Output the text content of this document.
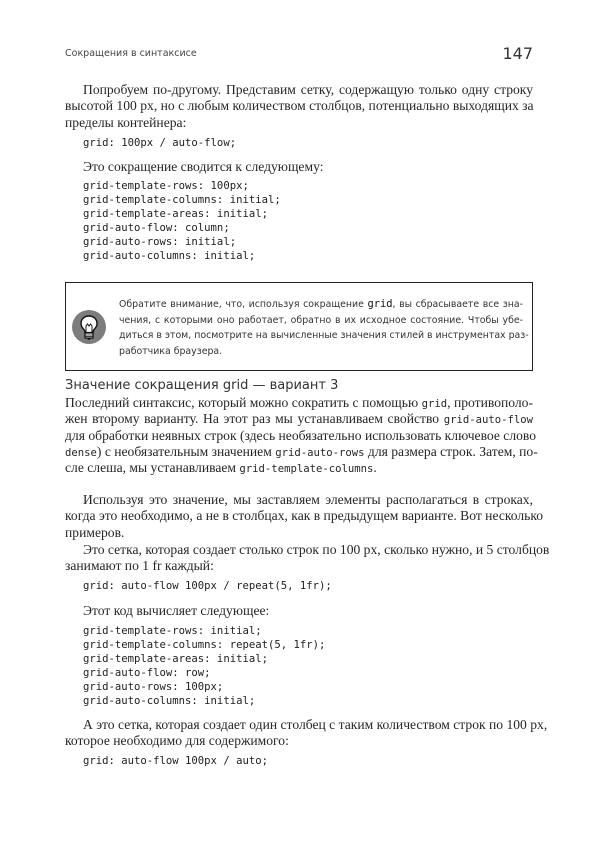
Сокращения в синтаксисе	147
Попробуем по-другому. Представим сетку, содержащую только одну строку
высотой 100 px, но с любым количеством столбцов, потенциально выходящих за
пределы контейнера:
grid: 100px / auto-flow;
Это сокращение сводится к следующему:
grid-template-rows: 100px;
grid-template-columns: initial;
grid-template-areas: initial;
grid-auto-flow: column;
grid-auto-rows: initial;
grid-auto-columns: initial;
Обратите внимание, что, используя сокращение grid, вы сбрасываете все зна-
чения, с которыми оно работает, обратно в их исходное состояние. Чтобы убе-
диться в этом, посмотрите на вычисленные значения стилей в инструментах раз-
работчика браузера.
Значение сокращения grid — вариант 3
Последний синтаксис, который можно сократить с помощью grid, противополо-
жен второму варианту. На этот раз мы устанавливаем свойство grid-auto-flow
для обработки неявных строк (здесь необязательно использовать ключевое слово
dense) с необязательным значением grid-auto-rows для размера строк. Затем, по-
сле слеша, мы устанавливаем grid-template-columns.
Используя это значение, мы заставляем элементы располагаться в строках,
когда это необходимо, а не в столбцах, как в предыдущем варианте. Вот несколько
примеров.
Это сетка, которая создает столько строк по 100 px, сколько нужно, и 5 столбцов
занимают по 1 fr каждый:
grid: auto-flow 100px / repeat(5, 1fr);
Этот код вычисляет следующее:
grid-template-rows: initial;
grid-template-columns: repeat(5, 1fr);
grid-template-areas: initial;
grid-auto-flow: row;
grid-auto-rows: 100px;
grid-auto-columns: initial;
А это сетка, которая создает один столбец с таким количеством строк по 100 px,
которое необходимо для содержимого:
grid: auto-flow 100px / auto;
